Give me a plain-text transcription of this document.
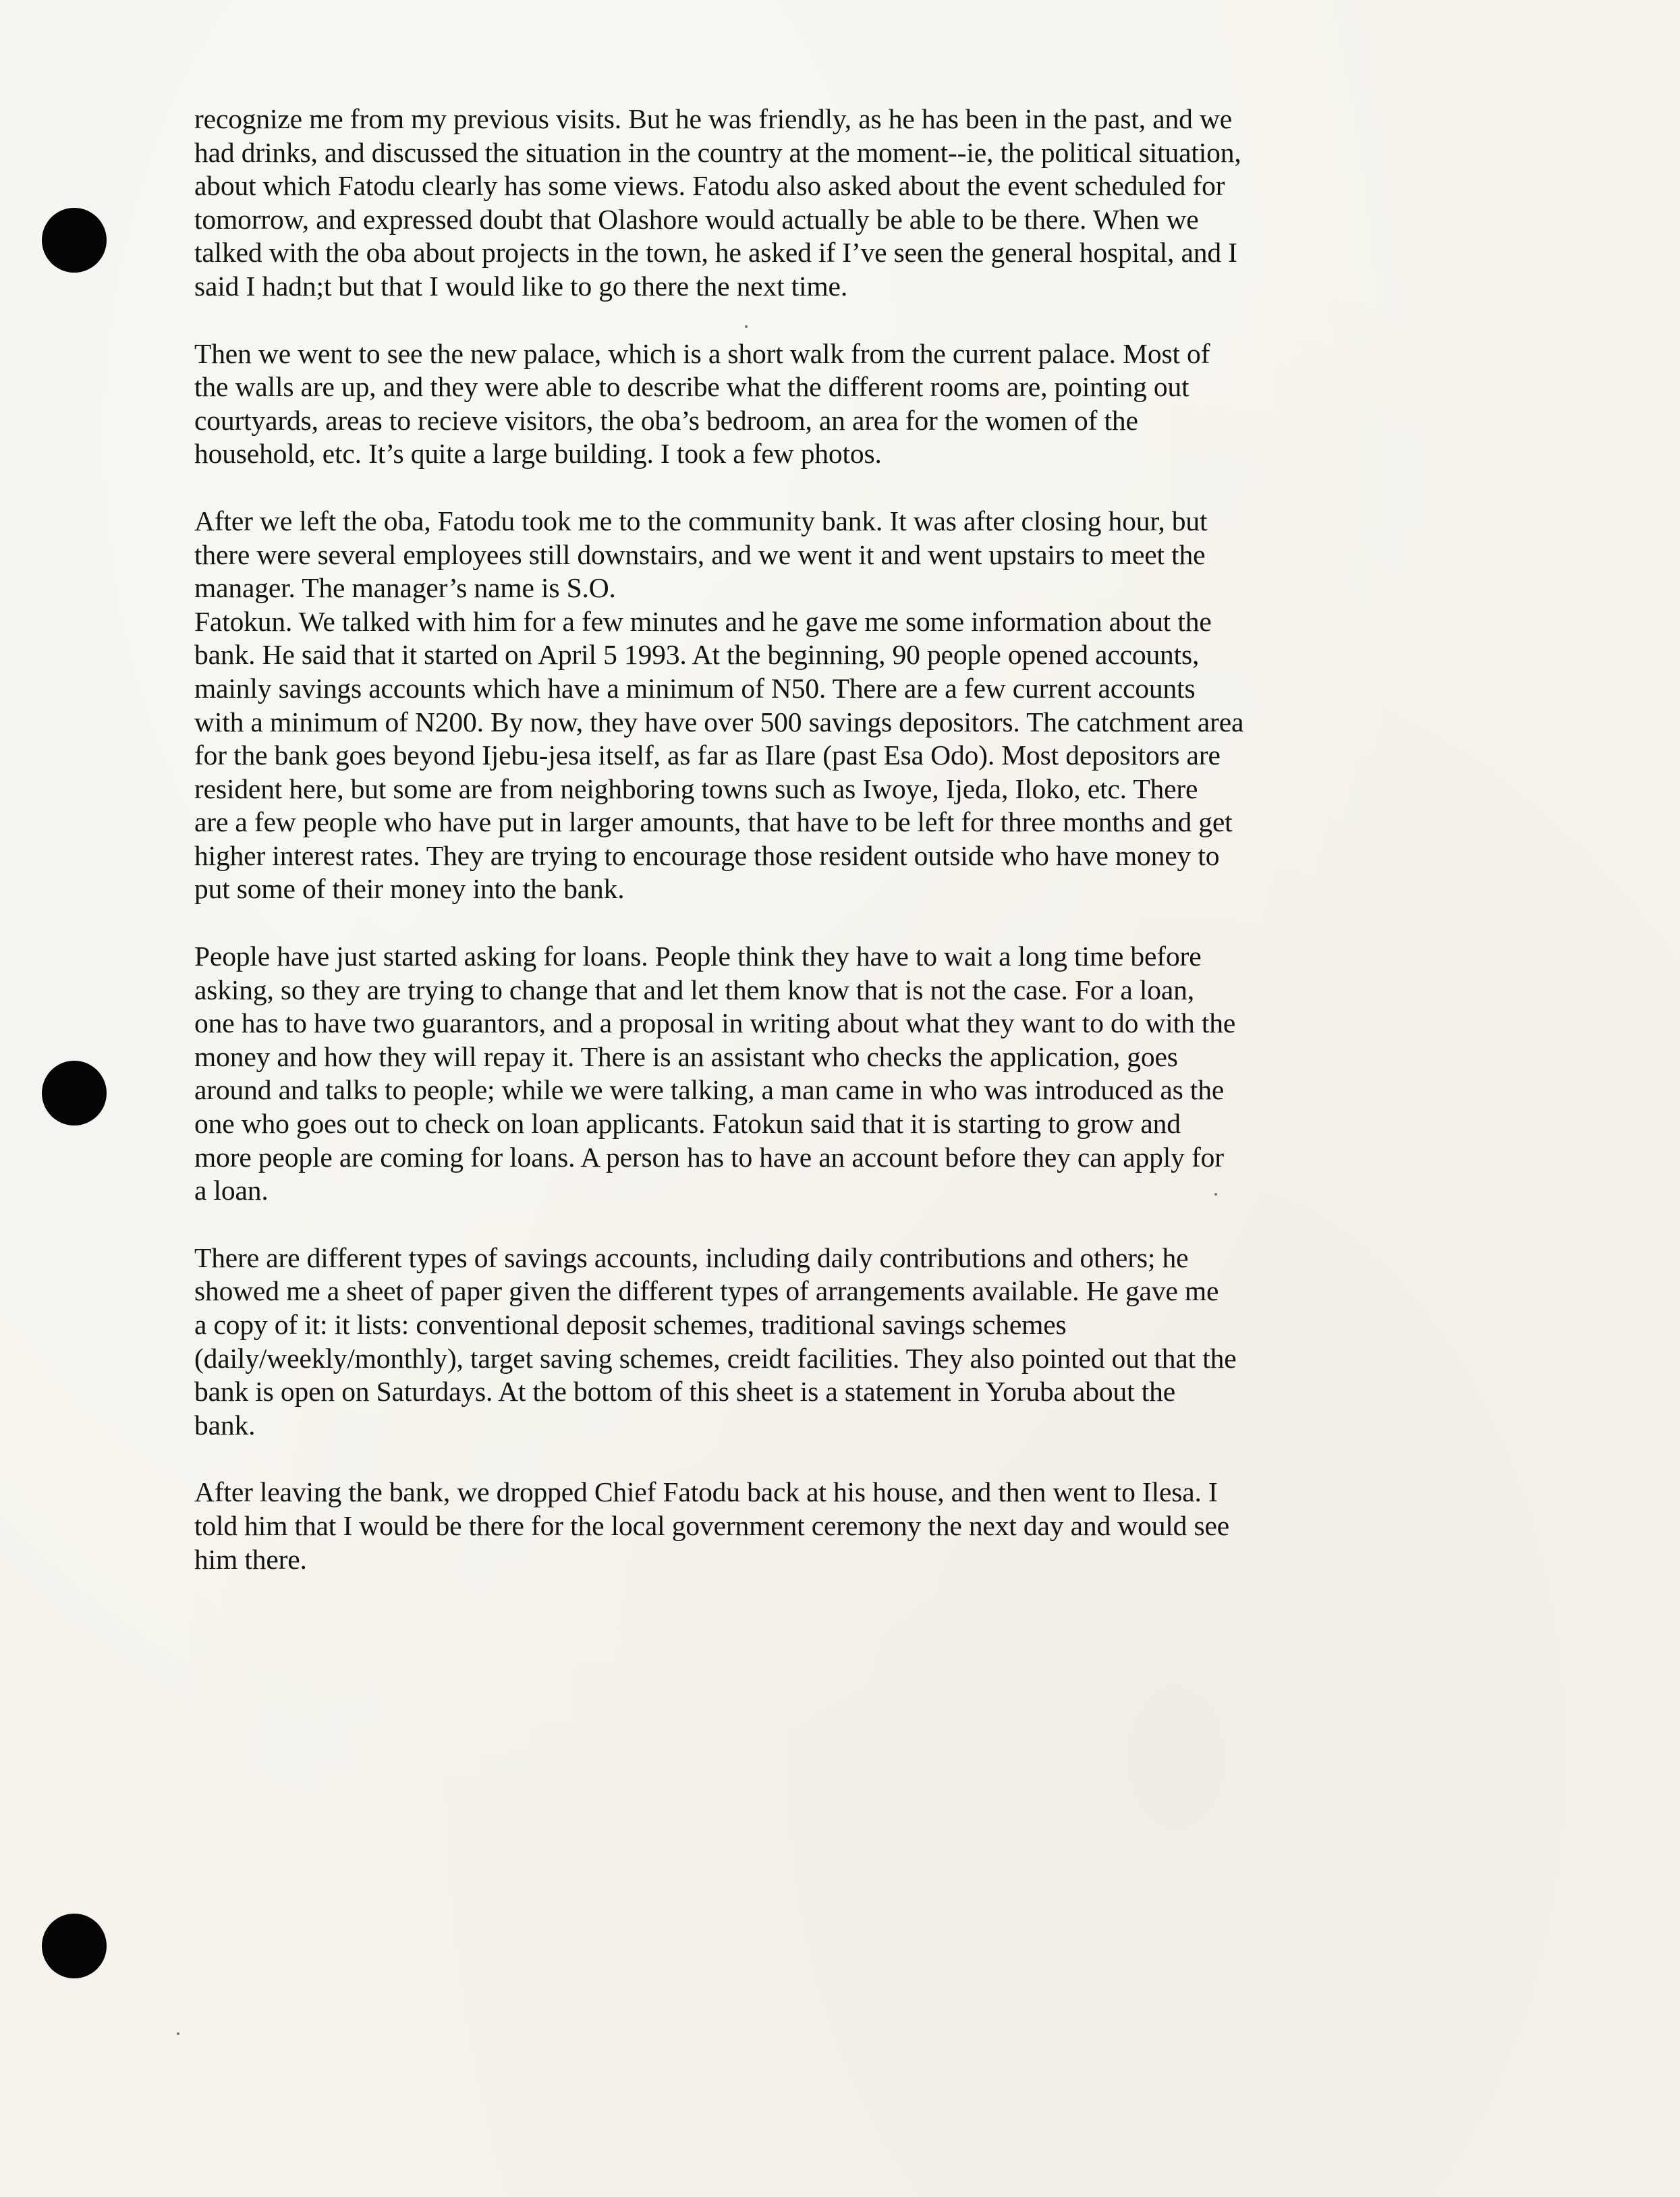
recognize me from my previous visits. But he was friendly, as he has been in the past, and we
had drinks, and discussed the situation in the country at the moment--ie, the political situation,
about which Fatodu clearly has some views. Fatodu also asked about the event scheduled for
tomorrow, and expressed doubt that Olashore would actually be able to be there. When we
talked with the oba about projects in the town, he asked if I’ve seen the general hospital, and I
said I hadn;t but that I would like to go there the next time.

Then we went to see the new palace, which is a short walk from the current palace. Most of
the walls are up, and they were able to describe what the different rooms are, pointing out
courtyards, areas to recieve visitors, the oba’s bedroom, an area for the women of the
household, etc. It’s quite a large building. I took a few photos.

After we left the oba, Fatodu took me to the community bank. It was after closing hour, but
there were several employees still downstairs, and we went it and went upstairs to meet the
manager. The manager’s name is S.O.
Fatokun. We talked with him for a few minutes and he gave me some information about the
bank. He said that it started on April 5 1993. At the beginning, 90 people opened accounts,
mainly savings accounts which have a minimum of N50. There are a few current accounts
with a minimum of N200. By now, they have over 500 savings depositors. The catchment area
for the bank goes beyond Ijebu-jesa itself, as far as Ilare (past Esa Odo). Most depositors are
resident here, but some are from neighboring towns such as Iwoye, Ijeda, Iloko, etc. There
are a few people who have put in larger amounts, that have to be left for three months and get
higher interest rates. They are trying to encourage those resident outside who have money to
put some of their money into the bank.

People have just started asking for loans. People think they have to wait a long time before
asking, so they are trying to change that and let them know that is not the case. For a loan,
one has to have two guarantors, and a proposal in writing about what they want to do with the
money and how they will repay it. There is an assistant who checks the application, goes
around and talks to people; while we were talking, a man came in who was introduced as the
one who goes out to check on loan applicants. Fatokun said that it is starting to grow and
more people are coming for loans. A person has to have an account before they can apply for
a loan.

There are different types of savings accounts, including daily contributions and others; he
showed me a sheet of paper given the different types of arrangements available. He gave me
a copy of it: it lists: conventional deposit schemes, traditional savings schemes
(daily/weekly/monthly), target saving schemes, creidt facilities. They also pointed out that the
bank is open on Saturdays. At the bottom of this sheet is a statement in Yoruba about the
bank.

After leaving the bank, we dropped Chief Fatodu back at his house, and then went to Ilesa. I
told him that I would be there for the local government ceremony the next day and would see
him there.
